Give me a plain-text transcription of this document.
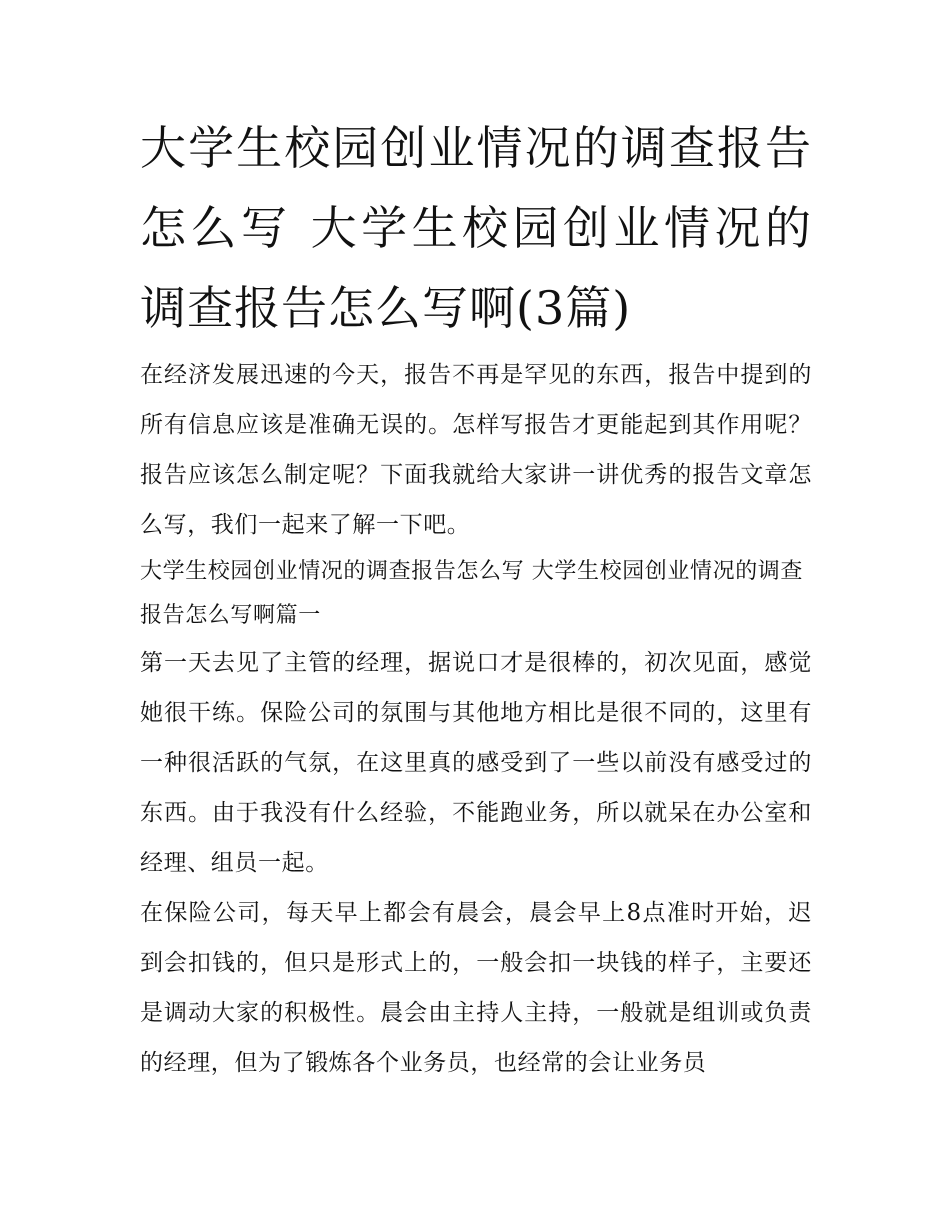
大学生校园创业情况的调查报告怎么写 大学生校园创业情况的调查报告怎么写啊(3篇)

在经济发展迅速的今天，报告不再是罕见的东西，报告中提到的所有信息应该是准确无误的。怎样写报告才更能起到其作用呢？报告应该怎么制定呢？下面我就给大家讲一讲优秀的报告文章怎么写，我们一起来了解一下吧。

大学生校园创业情况的调查报告怎么写 大学生校园创业情况的调查报告怎么写啊篇一

第一天去见了主管的经理，据说口才是很棒的，初次见面，感觉她很干练。保险公司的氛围与其他地方相比是很不同的，这里有一种很活跃的气氛，在这里真的感受到了一些以前没有感受过的东西。由于我没有什么经验，不能跑业务，所以就呆在办公室和经理、组员一起。

在保险公司，每天早上都会有晨会，晨会早上8点准时开始，迟到会扣钱的，但只是形式上的，一般会扣一块钱的样子，主要还是调动大家的积极性。晨会由主持人主持，一般就是组训或负责的经理，但为了锻炼各个业务员，也经常的会让业务员
